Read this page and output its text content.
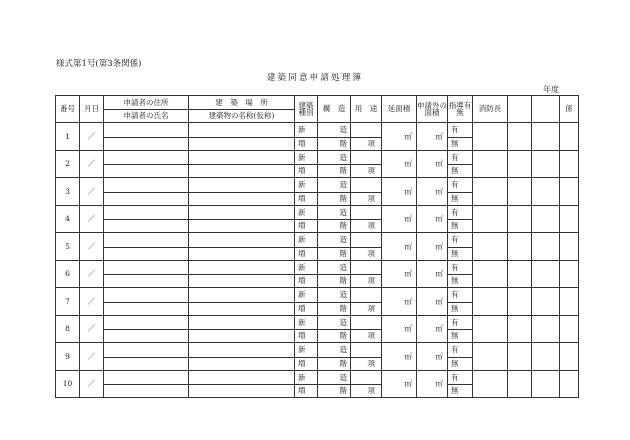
様式第1号(第3条関係)
建築同意申請処理簿
年度
番号	月日	申請者の住所	建　築　場　所	建築種別	構　造	用　途	延面積	申請外の面積	指導有無	消防長			係
		申請者の氏名	建築物の名称(仮称)										
1	／			新	造		㎡	㎡	有				
				増	階	項			無				
2	／			新	造		㎡	㎡	有				
				増	階	項			無				
3	／			新	造		㎡	㎡	有				
				増	階	項			無				
4	／			新	造		㎡	㎡	有				
				増	階	項			無				
5	／			新	造		㎡	㎡	有				
				増	階	項			無				
6	／			新	造		㎡	㎡	有				
				増	階	項			無				
7	／			新	造		㎡	㎡	有				
				増	階	項			無				
8	／			新	造		㎡	㎡	有				
				増	階	項			無				
9	／			新	造		㎡	㎡	有				
				増	階	項			無				
10	／			新	造		㎡	㎡	有				
				増	階	項			無				
